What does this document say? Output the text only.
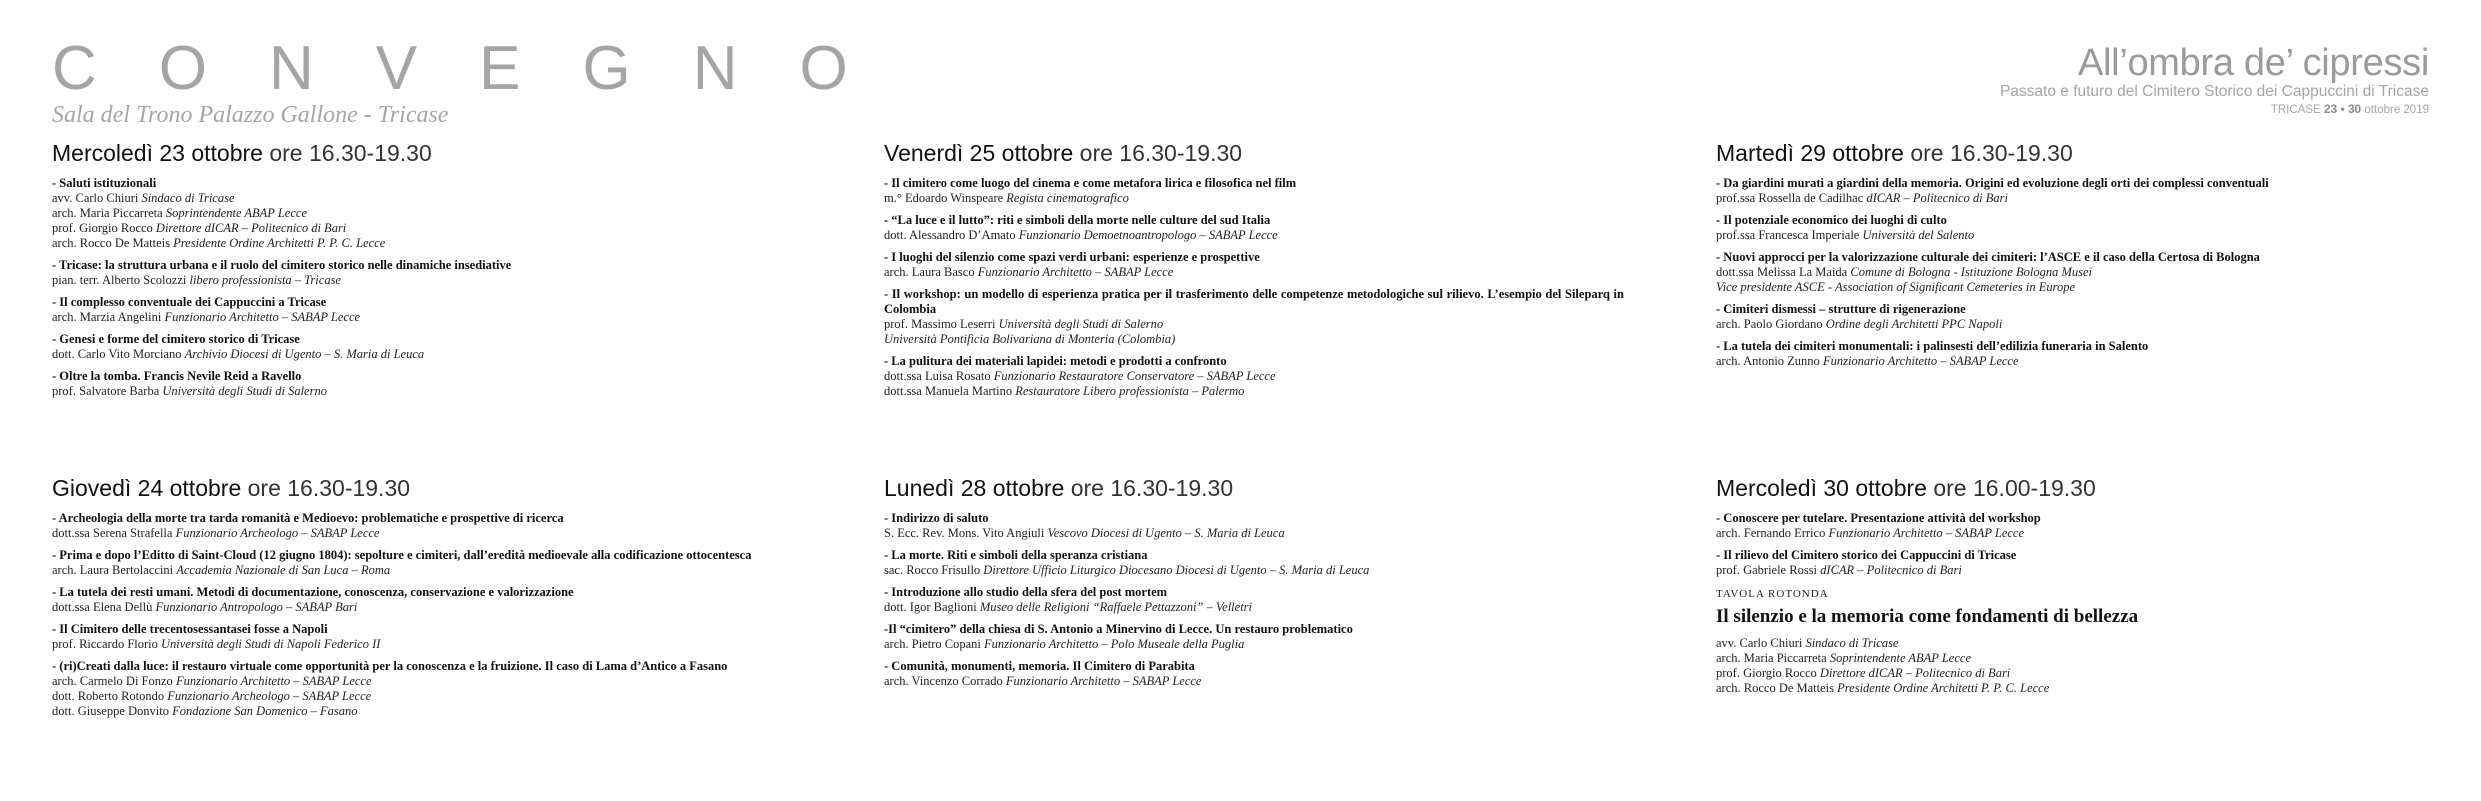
CONVEGNO
Sala del Trono Palazzo Gallone - Tricase
All’ombra de’ cipressi
Passato e futuro del Cimitero Storico dei Cappuccini di Tricase
TRICASE 23 • 30 ottobre 2019
Mercoledì 23 ottobre ore 16.30-19.30
- Saluti istituzionali
avv. Carlo Chiuri Sindaco di Tricase
arch. Maria Piccarreta Soprintendente ABAP Lecce
prof. Giorgio Rocco Direttore dICAR – Politecnico di Bari
arch. Rocco De Matteis Presidente Ordine Architetti P. P. C. Lecce
- Tricase: la struttura urbana e il ruolo del cimitero storico nelle dinamiche insediative
pian. terr. Alberto Scolozzi libero professionista – Tricase
- Il complesso conventuale dei Cappuccini a Tricase
arch. Marzia Angelini Funzionario Architetto – SABAP Lecce
- Genesi e forme del cimitero storico di Tricase
dott. Carlo Vito Morciano Archivio Diocesi di Ugento – S. Maria di Leuca
- Oltre la tomba. Francis Nevile Reid a Ravello
prof. Salvatore Barba Università degli Studi di Salerno
Venerdì 25 ottobre ore 16.30-19.30
- Il cimitero come luogo del cinema e come metafora lirica e filosofica nel film
m.° Edoardo Winspeare Regista cinematografico
- “La luce e il lutto”: riti e simboli della morte nelle culture del sud Italia
dott. Alessandro D’Amato Funzionario Demoetnoantropologo – SABAP Lecce
- I luoghi del silenzio come spazi verdi urbani: esperienze e prospettive
arch. Laura Basco Funzionario Architetto – SABAP Lecce
- Il workshop: un modello di esperienza pratica per il trasferimento delle competenze metodologiche sul rilievo. L’esempio del Sileparq in Colombia
prof. Massimo Leserri Università degli Studi di Salerno
Università Pontificia Bolivariana di Monteria (Colombia)
- La pulitura dei materiali lapidei: metodi e prodotti a confronto
dott.ssa Luisa Rosato Funzionario Restauratore Conservatore – SABAP Lecce
dott.ssa Manuela Martino Restauratore Libero professionista – Palermo
Martedì 29 ottobre ore 16.30-19.30
- Da giardini murati a giardini della memoria. Origini ed evoluzione degli orti dei complessi conventuali
prof.ssa Rossella de Cadilhac dICAR – Politecnico di Bari
- Il potenziale economico dei luoghi di culto
prof.ssa Francesca Imperiale Università del Salento
- Nuovi approcci per la valorizzazione culturale dei cimiteri: l’ASCE e il caso della Certosa di Bologna
dott.ssa Melissa La Maida Comune di Bologna - Istituzione Bologna Musei
Vice presidente ASCE - Association of Significant Cemeteries in Europe
- Cimiteri dismessi – strutture di rigenerazione
arch. Paolo Giordano Ordine degli Architetti PPC Napoli
- La tutela dei cimiteri monumentali: i palinsesti dell’edilizia funeraria in Salento
arch. Antonio Zunno Funzionario Architetto – SABAP Lecce
Giovedì 24 ottobre ore 16.30-19.30
- Archeologia della morte tra tarda romanità e Medioevo: problematiche e prospettive di ricerca
dott.ssa Serena Strafella Funzionario Archeologo – SABAP Lecce
- Prima e dopo l’Editto di Saint-Cloud (12 giugno 1804): sepolture e cimiteri, dall’eredità medioevale alla codificazione ottocentesca
arch. Laura Bertolaccini Accademia Nazionale di San Luca – Roma
- La tutela dei resti umani. Metodi di documentazione, conoscenza, conservazione e valorizzazione
dott.ssa Elena Dellù Funzionario Antropologo – SABAP Bari
- Il Cimitero delle trecentosessantasei fosse a Napoli
prof. Riccardo Florio Università degli Studi di Napoli Federico II
- (ri)Creati dalla luce: il restauro virtuale come opportunità per la conoscenza e la fruizione. Il caso di Lama d’Antico a Fasano
arch. Carmelo Di Fonzo Funzionario Architetto – SABAP Lecce
dott. Roberto Rotondo Funzionario Archeologo – SABAP Lecce
dott. Giuseppe Donvito Fondazione San Domenico – Fasano
Lunedì 28 ottobre ore 16.30-19.30
- Indirizzo di saluto
S. Ecc. Rev. Mons. Vito Angiuli Vescovo Diocesi di Ugento – S. Maria di Leuca
- La morte. Riti e simboli della speranza cristiana
sac. Rocco Frisullo Direttore Ufficio Liturgico Diocesano Diocesi di Ugento – S. Maria di Leuca
- Introduzione allo studio della sfera del post mortem
dott. Igor Baglioni Museo delle Religioni “Raffaele Pettazzoni” – Velletri
-Il “cimitero” della chiesa di S. Antonio a Minervino di Lecce. Un restauro problematico
arch. Pietro Copani Funzionario Architetto – Polo Museale della Puglia
- Comunità, monumenti, memoria. Il Cimitero di Parabita
arch. Vincenzo Corrado Funzionario Architetto – SABAP Lecce
Mercoledì 30 ottobre ore 16.00-19.30
- Conoscere per tutelare. Presentazione attività del workshop
arch. Fernando Errico Funzionario Architetto – SABAP Lecce
- Il rilievo del Cimitero storico dei Cappuccini di Tricase
prof. Gabriele Rossi dICAR – Politecnico di Bari
TAVOLA ROTONDA
Il silenzio e la memoria come fondamenti di bellezza
avv. Carlo Chiuri Sindaco di Tricase
arch. Maria Piccarreta Soprintendente ABAP Lecce
prof. Giorgio Rocco Direttore dICAR – Politecnico di Bari
arch. Rocco De Matteis Presidente Ordine Architetti P. P. C. Lecce
